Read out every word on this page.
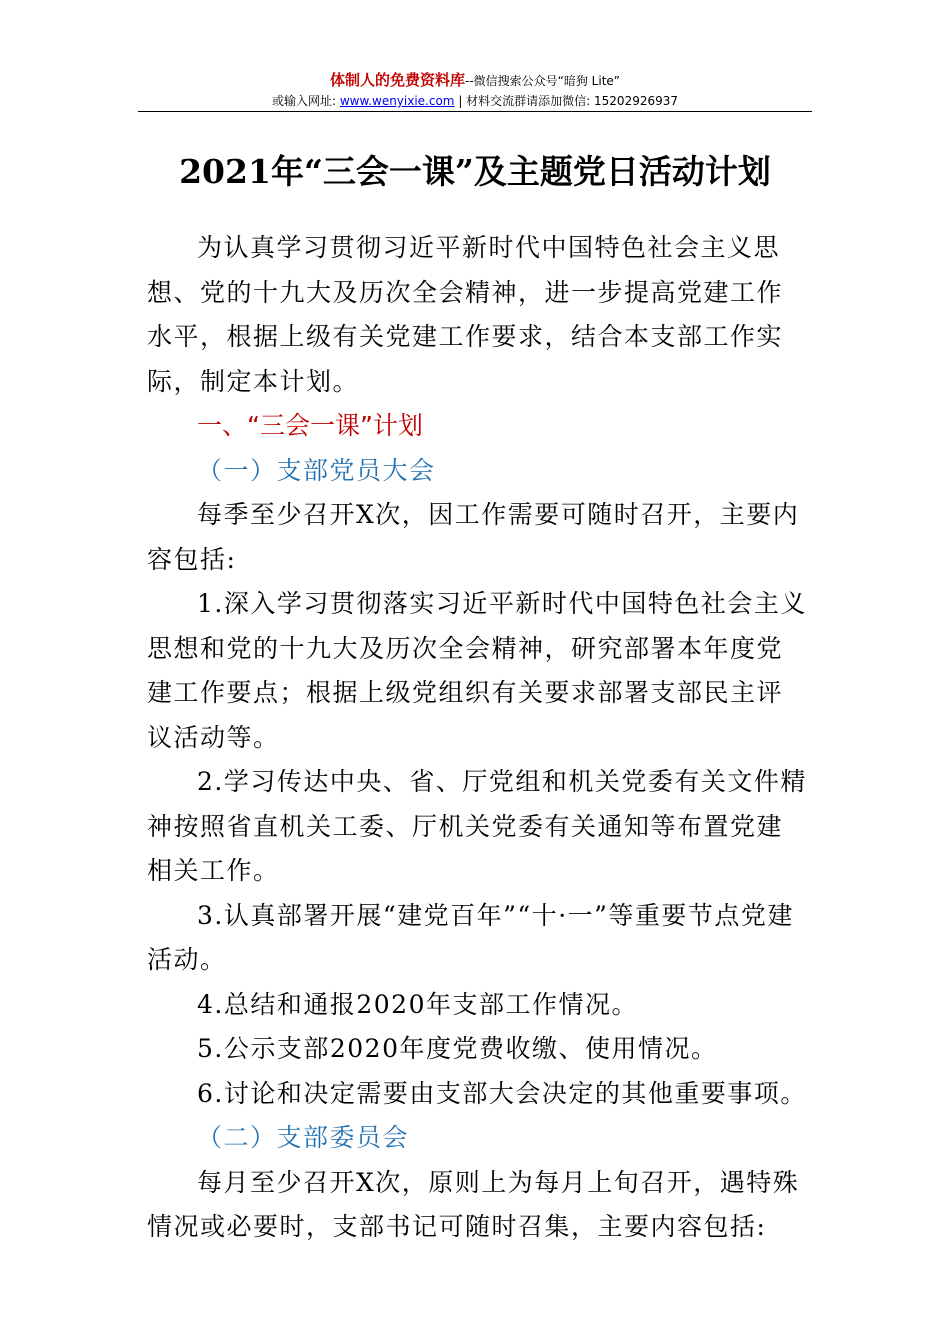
体制人的免费资料库--微信搜索公众号“暗狗 Lite”
或输入网址: www.wenyixie.com | 材料交流群请添加微信: 15202926937
2021年“三会一课”及主题党日活动计划

为认真学习贯彻习近平新时代中国特色社会主义思想、党的十九大及历次全会精神，进一步提高党建工作水平，根据上级有关党建工作要求，结合本支部工作实际，制定本计划。

一、“三会一课”计划

（一）支部党员大会

每季至少召开X次，因工作需要可随时召开，主要内容包括:

1.深入学习贯彻落实习近平新时代中国特色社会主义思想和党的十九大及历次全会精神，研究部署本年度党建工作要点；根据上级党组织有关要求部署支部民主评议活动等。

2.学习传达中央、省、厅党组和机关党委有关文件精神按照省直机关工委、厅机关党委有关通知等布置党建相关工作。

3.认真部署开展“建党百年”“十·一”等重要节点党建活动。

4.总结和通报2020年支部工作情况。

5.公示支部2020年度党费收缴、使用情况。

6.讨论和决定需要由支部大会决定的其他重要事项。

（二）支部委员会

每月至少召开X次，原则上为每月上旬召开，遇特殊情况或必要时，支部书记可随时召集，主要内容包括:
